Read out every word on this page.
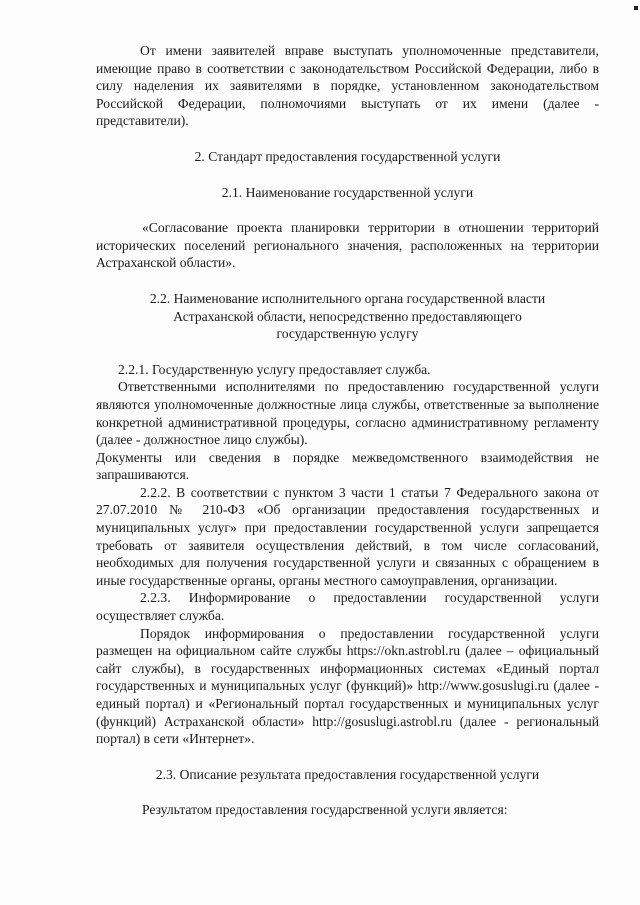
От имени заявителей вправе выступать уполномоченные представители, имеющие право в соответствии с законодательством Российской Федерации, либо в силу наделения их заявителями в порядке, установленном законодательством Российской Федерации, полномочиями выступать от их имени (далее - представители).

2. Стандарт предоставления государственной услуги

2.1. Наименование государственной услуги

«Согласование проекта планировки территории в отношении территорий исторических поселений регионального значения, расположенных на территории Астраханской области».

2.2. Наименование исполнительного органа государственной власти

Астраханской области, непосредственно предоставляющего

государственную услугу

2.2.1. Государственную услугу предоставляет служба.

Ответственными исполнителями по предоставлению государственной услуги являются уполномоченные должностные лица службы, ответственные за выполнение конкретной административной процедуры, согласно административному регламенту (далее - должностное лицо службы).

Документы или сведения в порядке межведомственного взаимодействия не запрашиваются.

2.2.2. В соответствии с пунктом 3 части 1 статьи 7 Федерального закона от 27.07.2010 № 210-ФЗ «Об организации предоставления государственных и муниципальных услуг» при предоставлении государственной услуги запрещается требовать от заявителя осуществления действий, в том числе согласований, необходимых для получения государственной услуги и связанных с обращением в иные государственные органы, органы местного самоуправления, организации.

2.2.3. Информирование о предоставлении государственной услуги осуществляет служба.

Порядок информирования о предоставлении государственной услуги размещен на официальном сайте службы https://okn.astrobl.ru (далее – официальный сайт службы), в государственных информационных системах «Единый портал государственных и муниципальных услуг (функций)» http://www.gosuslugi.ru (далее - единый портал) и «Региональный портал государственных и муниципальных услуг (функций) Астраханской области» http://gosuslugi.astrobl.ru (далее - региональный портал) в сети «Интернет».

2.3. Описание результата предоставления государственной услуги

Результатом предоставления государственной услуги является:
